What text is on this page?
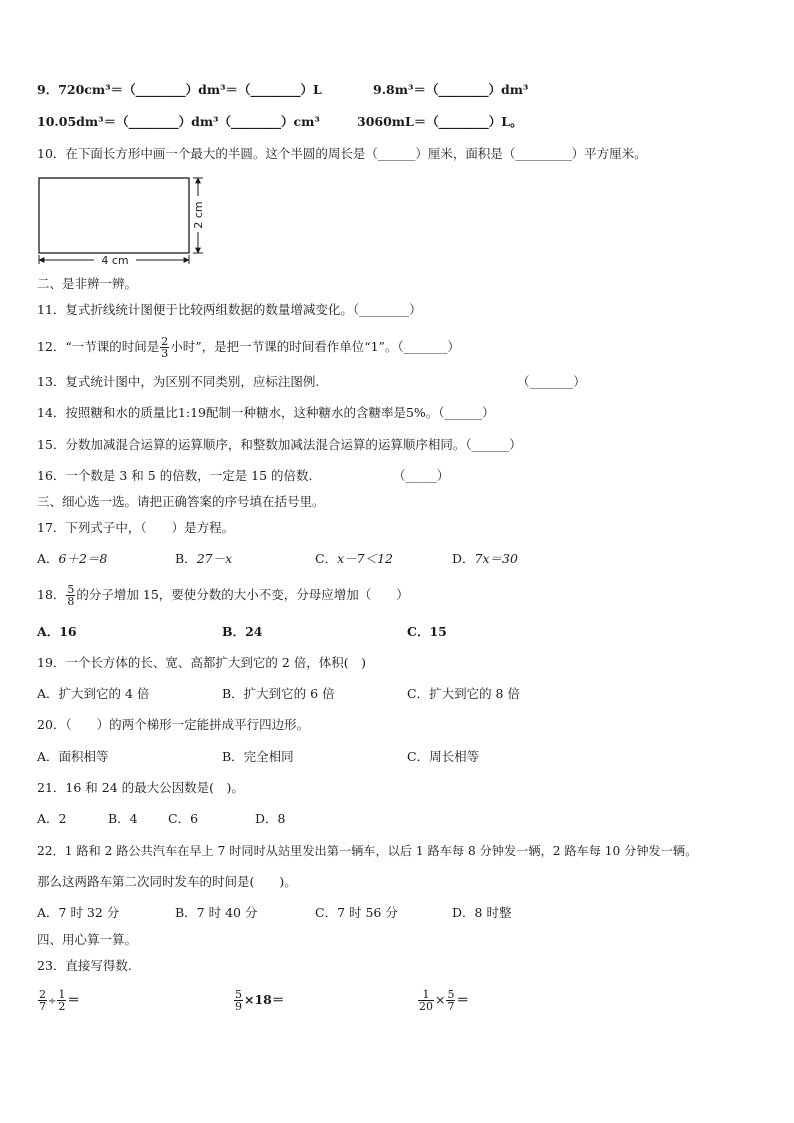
9．720cm³＝（________）dm³＝（________）L	9.8m³＝（________）dm³
10.05dm³＝（________）dm³（________）cm³	3060mL＝（________）L。
10．在下面长方形中画一个最大的半圆。这个半圆的周长是（______）厘米，面积是（_________）平方厘米。
4 cm
2 cm
二、是非辨一辨。
11．复式折线统计图便于比较两组数据的数量增减变化。（________）
12．“一节课的时间是 $\frac{2}{3}$ 小时”，是把一节课的时间看作单位“1”。（_______）
13．复式统计图中，为区别不同类别，应标注图例.	（_______）
14．按照糖和水的质量比1:19配制一种糖水，这种糖水的含糖率是5%。（______）
15．分数加减混合运算的运算顺序，和整数加减法混合运算的运算顺序相同。（______）
16．一个数是 3 和 5 的倍数，一定是 15 的倍数.	（_____）
三、细心选一选。请把正确答案的序号填在括号里。
17．下列式子中，（　　）是方程。
A．6＋2＝8	B．27－x	C．x－7＜12	D．7x＝30
18． $\frac{5}{8}$ 的分子增加 15，要使分数的大小不变，分母应增加（　　）
A．16	B．24	C．15
19．一个长方体的长、宽、高都扩大到它的 2 倍，体积(　)
A．扩大到它的 4 倍	B．扩大到它的 6 倍	C．扩大到它的 8 倍
20．（　　）的两个梯形一定能拼成平行四边形。
A．面积相等	B．完全相同	C．周长相等
21．16 和 24 的最大公因数是(　)。
A．2	B．4 C．6	D．8
22．1 路和 2 路公共汽车在早上 7 时同时从站里发出第一辆车，以后 1 路车每 8 分钟发一辆，2 路车每 10 分钟发一辆。
那么这两路车第二次同时发车的时间是(　　)。
A．7 时 32 分	B．7 时 40 分	C．7 时 56 分	D．8 时整
四、用心算一算。
23．直接写得数.
$\frac{2}{7} \div \frac{1}{2}$ ＝	$\frac{5}{9} \times 18=$	$\frac{1}{20} \times \frac{5}{7}$ ＝
